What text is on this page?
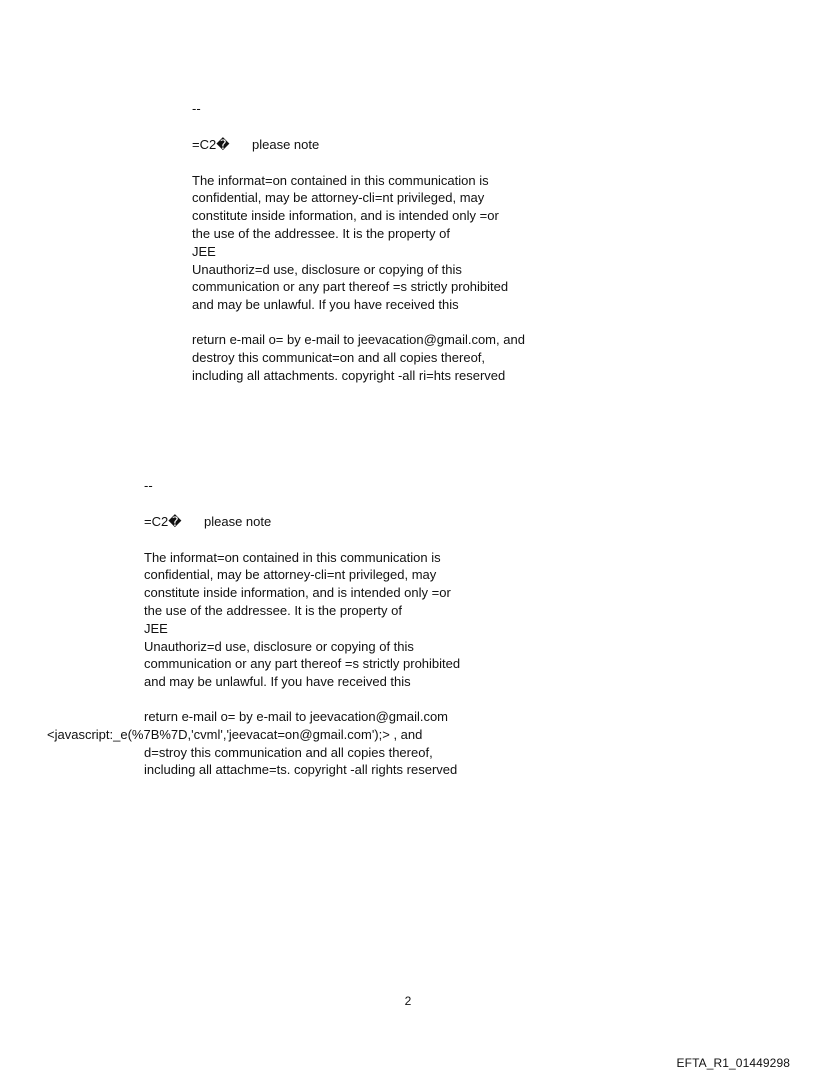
--
=C2�	please note
The informat=on contained in this communication is
confidential, may be attorney-cli=nt privileged, may
constitute inside information, and is intended only =or
the use of the addressee. It is the property of
JEE
Unauthoriz=d use, disclosure or copying of this
communication or any part thereof =s strictly prohibited
and may be unlawful. If you have received this
return e-mail o= by e-mail to jeevacation@gmail.com, and
destroy this communicat=on and all copies thereof,
including all attachments. copyright -all ri=hts reserved
--
=C2�	please note
The informat=on contained in this communication is
confidential, may be attorney-cli=nt privileged, may
constitute inside information, and is intended only =or
the use of the addressee. It is the property of
JEE
Unauthoriz=d use, disclosure or copying of this
communication or any part thereof =s strictly prohibited
and may be unlawful. If you have received this
return e-mail o= by e-mail to jeevacation@gmail.com
<javascript:_e(%7B%7D,'cvml','jeevacat=on@gmail.com');> , and
d=stroy this communication and all copies thereof,
including all attachme=ts. copyright -all rights reserved
2
EFTA_R1_01449298
